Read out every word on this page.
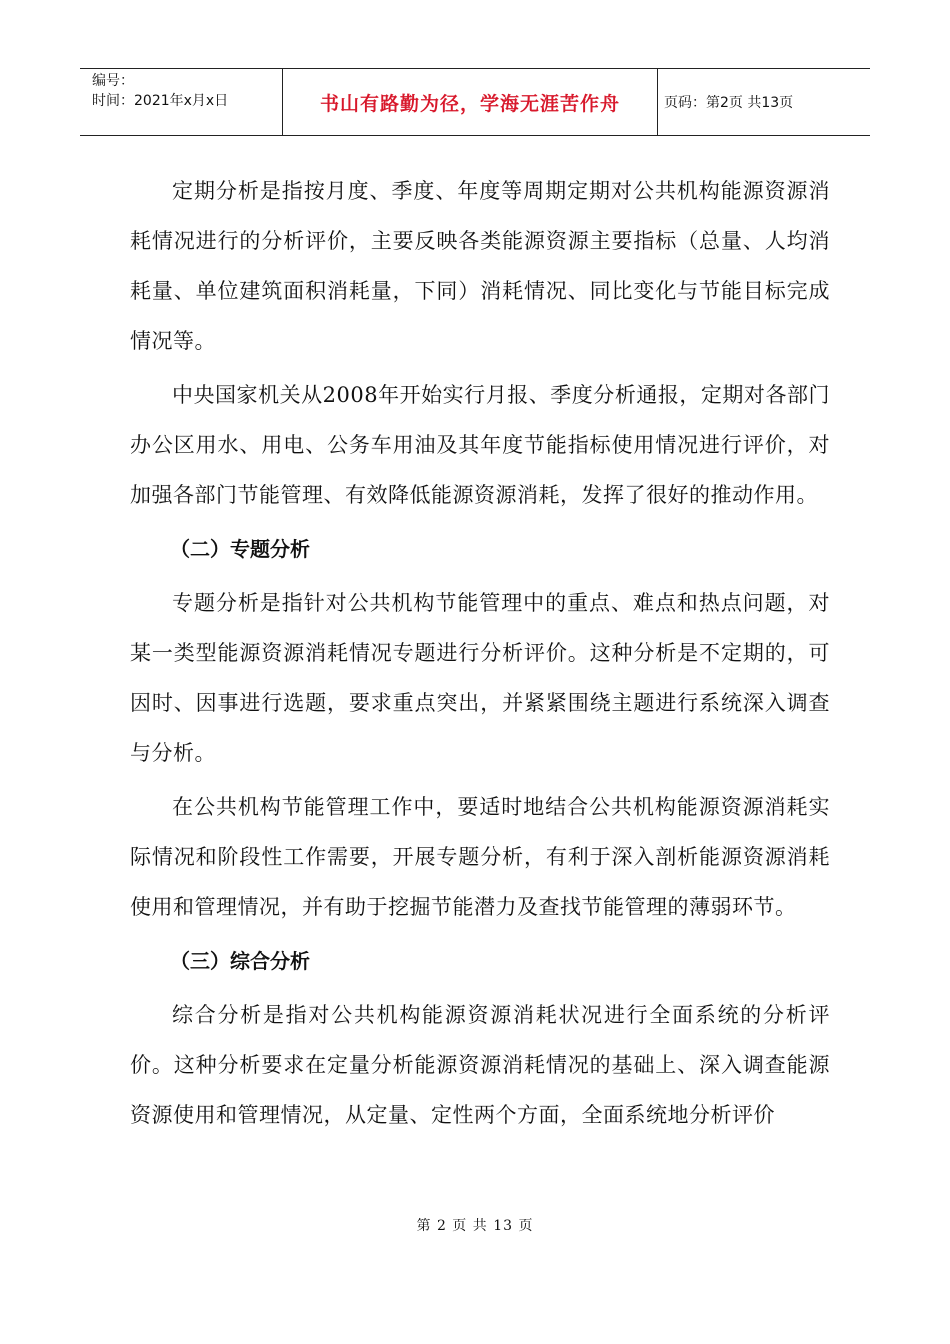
编号：
时间：2021年x月x日	书山有路勤为径，学海无涯苦作舟	页码：第2页 共13页

定期分析是指按月度、季度、年度等周期定期对公共机构能源资源消耗情况进行的分析评价，主要反映各类能源资源主要指标（总量、人均消耗量、单位建筑面积消耗量，下同）消耗情况、同比变化与节能目标完成情况等。

中央国家机关从2008年开始实行月报、季度分析通报，定期对各部门办公区用水、用电、公务车用油及其年度节能指标使用情况进行评价，对加强各部门节能管理、有效降低能源资源消耗，发挥了很好的推动作用。

（二）专题分析

专题分析是指针对公共机构节能管理中的重点、难点和热点问题，对某一类型能源资源消耗情况专题进行分析评价。这种分析是不定期的，可因时、因事进行选题，要求重点突出，并紧紧围绕主题进行系统深入调查与分析。

在公共机构节能管理工作中，要适时地结合公共机构能源资源消耗实际情况和阶段性工作需要，开展专题分析，有利于深入剖析能源资源消耗使用和管理情况，并有助于挖掘节能潜力及查找节能管理的薄弱环节。

（三）综合分析

综合分析是指对公共机构能源资源消耗状况进行全面系统的分析评价。这种分析要求在定量分析能源资源消耗情况的基础上、深入调查能源资源使用和管理情况，从定量、定性两个方面，全面系统地分析评价

第 2 页 共 13 页
